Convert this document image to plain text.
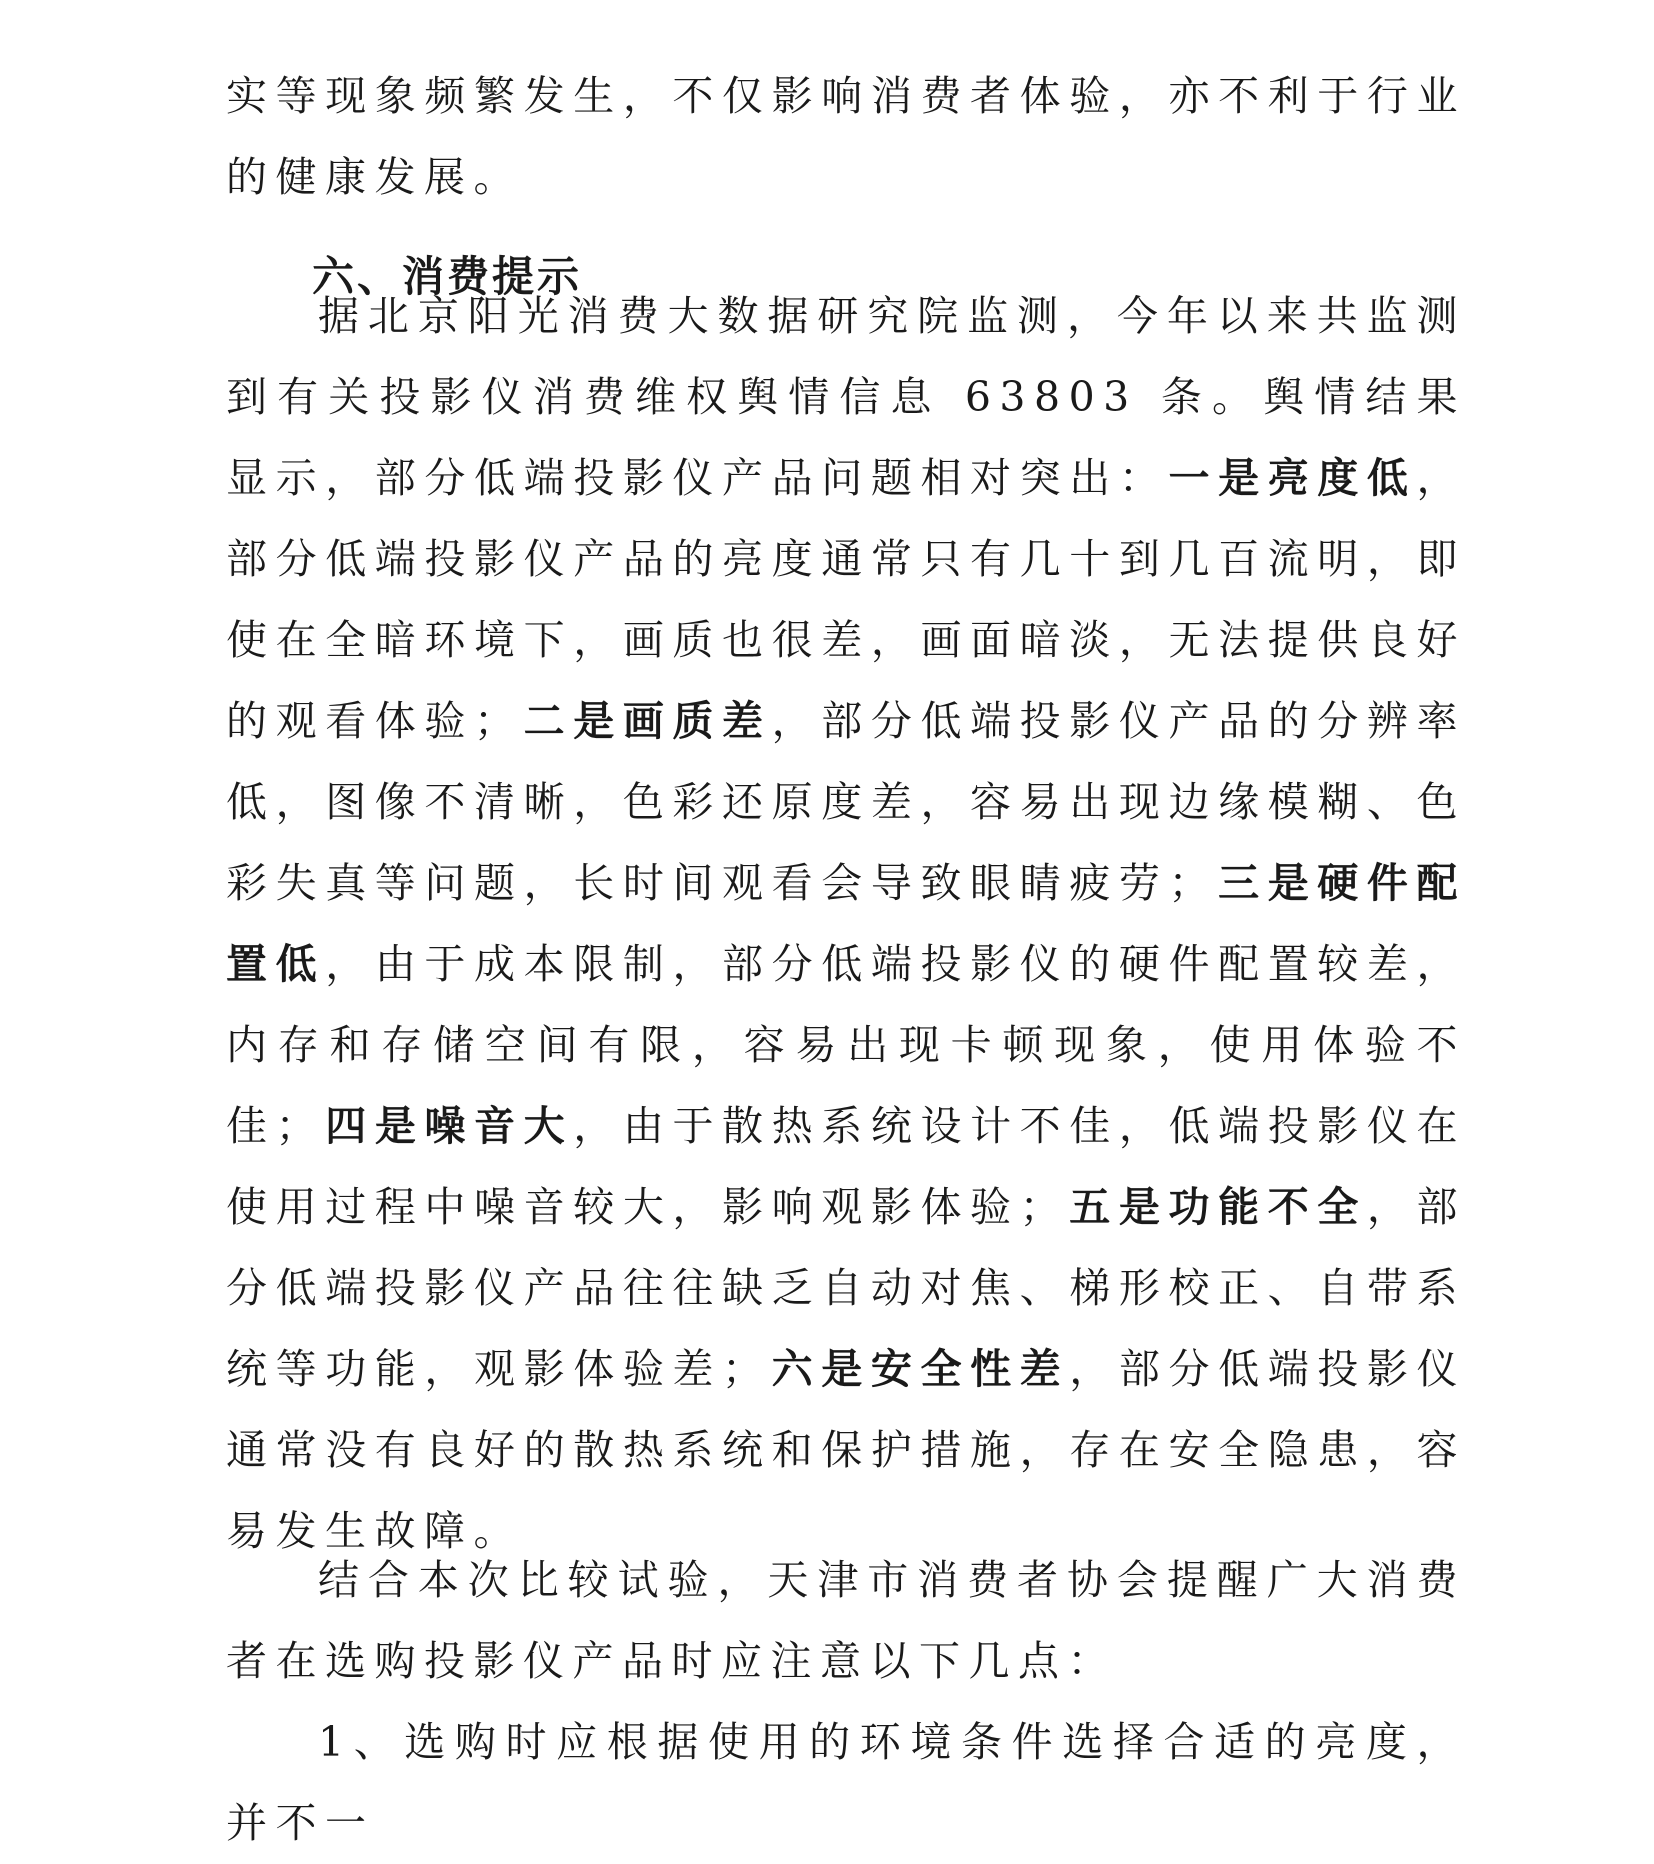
实等现象频繁发生，不仅影响消费者体验，亦不利于行业的健康发展。

六、消费提示

据北京阳光消费大数据研究院监测，今年以来共监测到有关投影仪消费维权舆情信息 63803 条。舆情结果显示，部分低端投影仪产品问题相对突出：一是亮度低，部分低端投影仪产品的亮度通常只有几十到几百流明，即使在全暗环境下，画质也很差，画面暗淡，无法提供良好的观看体验；二是画质差，部分低端投影仪产品的分辨率低，图像不清晰，色彩还原度差，容易出现边缘模糊、色彩失真等问题，长时间观看会导致眼睛疲劳；三是硬件配置低，由于成本限制，部分低端投影仪的硬件配置较差，内存和存储空间有限，容易出现卡顿现象，使用体验不佳；四是噪音大，由于散热系统设计不佳，低端投影仪在使用过程中噪音较大，影响观影体验；五是功能不全，部分低端投影仪产品往往缺乏自动对焦、梯形校正、自带系统等功能，观影体验差；六是安全性差，部分低端投影仪通常没有良好的散热系统和保护措施，存在安全隐患，容易发生故障。

结合本次比较试验，天津市消费者协会提醒广大消费者在选购投影仪产品时应注意以下几点：

1、选购时应根据使用的环境条件选择合适的亮度，并不一
